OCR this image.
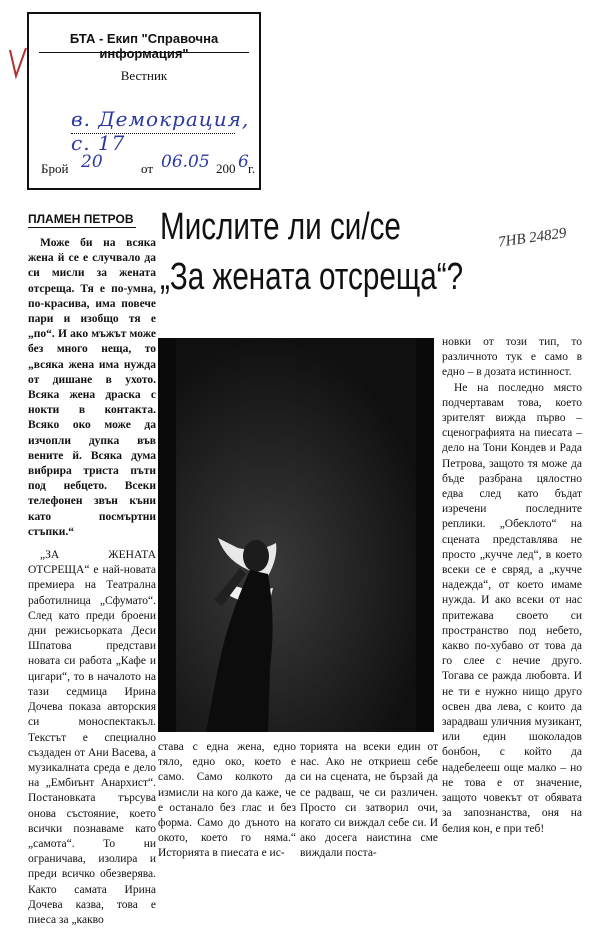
БТА - Екип "Справочна информация"
Вестник
в. Демокрация, с. 17
Брой 20	от 06.05 200 6 г.
ПЛАМЕН ПЕТРОВ Мислите ли си/се
„За жената отсреща“?
7НВ 24829

Може би на всяка жена й се е случвало да си мисли за жената отсреща. Тя е по-умна, по-красива, има повече пари и изобщо тя е „по“. И ако мъжът може без много неща, то „всяка жена има нужда от дишане в ухото. Всяка жена драска с нокти в контакта. Всяко око може да изчопли дупка във вените й. Всяка дума вибрира триста пъти под небцето. Всеки телефонен звън къни като посмъртни стъпки.“

„ЗА ЖЕНАТА ОТСРЕЩА“ е най-новата премиера на Театрална работилница „Сфумато“. След като преди броени дни режисьорката Деси Шпатова представи новата си работа „Кафе и цигари“, то в началото на тази седмица Ирина Дочева показа авторския си моноспектакъл. Текстът е специално създаден от Ани Васева, а музикалната среда е дело на „Ембиънт Анархист“. Постановката търсува онова състояние, което всички познаваме като „самота“. То ни ограничава, изолира и преди всичко обезверява. Както самата Ирина Дочева казва, това е пиеса за „какво

става с една жена, едно тяло, едно око, което е само. Само колкото да измисли на кого да каже, че е останало без глас и без форма. Само до дъното на окото, което го няма.“ Историята в пиесата е ис-

торията на всеки един от нас. Ако не откриеш себе си на сцената, не бързай да се радваш, че си различен. Просто си затворил очи, когато си виждал себе си. И ако досега наистина сме виждали поста-

новки от този тип, то различното тук е само в едно – в дозата истинност.

Не на последно място подчертавам това, което зрителят вижда първо – сценографията на пиесата – дело на Тони Кондев и Рада Петрова, защото тя може да бъде разбрана цялостно едва след като бъдат изречени последните реплики. „Обеклото“ на сцената представлява не просто „кучче лед“, в което всеки се е свряд, а „кучче надежда“, от което имаме нужда. И ако всеки от нас притежава своето си пространство под небето, какво по-хубаво от това да го слее с нечие друго. Тогава се ражда любовта. И не ти е нужно нищо друго освен два лева, с които да зарадваш уличния музикант, или един шоколадов бонбон, с който да надебелееш още малко – но не това е от значение, защото човекът от обявата за запознанства, оня на белия кон, е при теб!
